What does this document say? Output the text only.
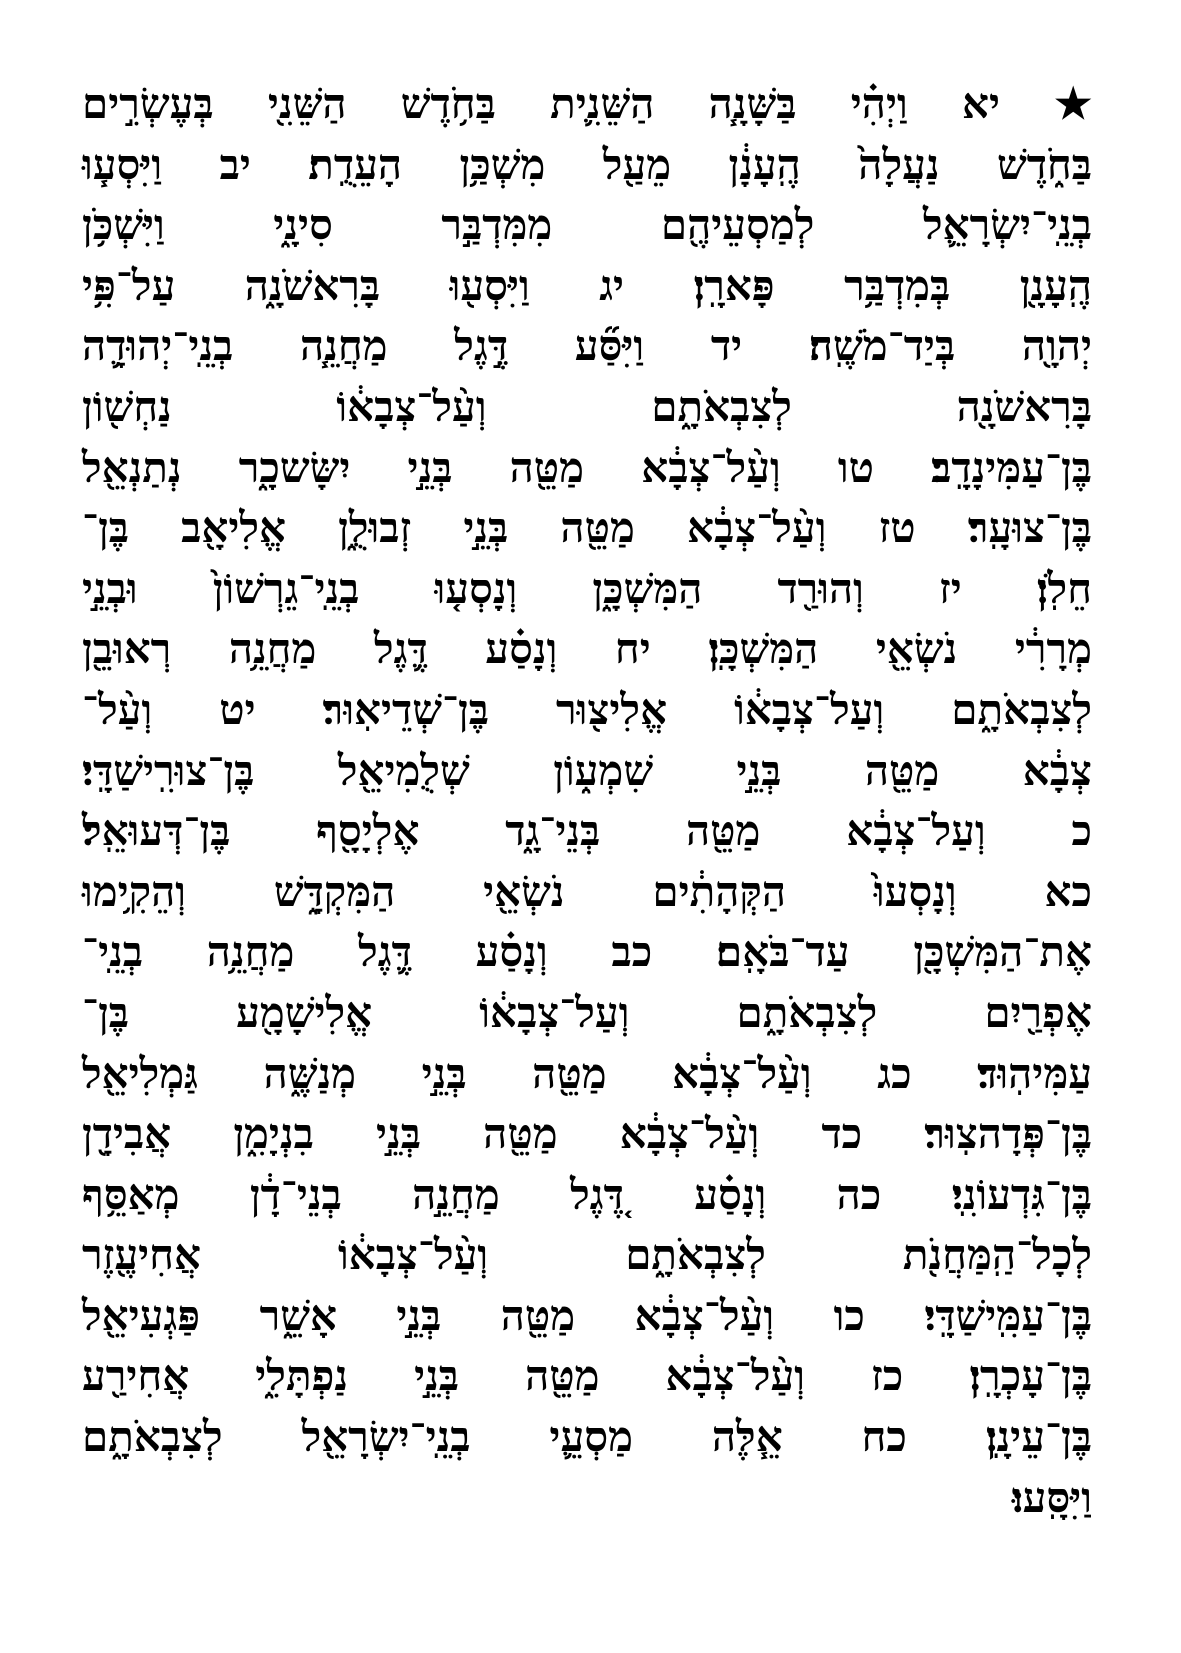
★ יא וַיְהִ֗י בַּשָּׁנָ֧ה הַשֵּׁנִ֛ית בַּחֹ֥דֶשׁ הַשֵּׁנִ֖י בְּעֶשְׂרִ֣ים
בַּחֹ֑דֶשׁ נַעֲלָה֙ הֶֽעָנָ֔ן מֵעַ֖ל מִשְׁכַּ֥ן הָעֵדֻֽת׃ יב וַיִּסְע֧וּ
בְנֵֽי־יִשְׂרָאֵ֛ל לְמַסְעֵיהֶ֖ם מִמִּדְבַּ֣ר סִינָ֑י וַיִּשְׁכֹּ֥ן
הֶֽעָנָ֖ן בְּמִדְבַּ֥ר פָּארָֽן׃ יג וַיִּסְע֖וּ בָּרִאשֹׁנָ֑ה עַל־פִּ֥י
יְהוָ֖ה בְּיַד־מֹשֶֽׁה׃ יד וַיִּסַּ֞ע דֶּ֣גֶל מַחֲנֵ֧ה בְנֵֽי־יְהוּדָ֛ה
בָּרִאשֹׁנָ֖ה לְצִבְאֹתָ֑ם וְעַ֨ל־צְבָא֔וֹ נַחְשׁ֖וֹן
בֶּן־עַמִּינָדָֽב׃ טו וְעַ֨ל־צְבָ֔א מַטֵּ֖ה בְּנֵ֣י יִשָּׂשכָ֑ר נְתַנְאֵ֖ל
בֶּן־צוּעָֽר׃ טז וְעַ֨ל־צְבָ֔א מַטֵּ֖ה בְּנֵ֣י זְבוּלֻ֑ן אֱלִיאָ֖ב בֶּן־
חֵלֹֽן׃ יז וְהוּרַ֖ד הַמִּשְׁכָּ֑ן וְנָסְע֤וּ בְנֵֽי־גֵרְשׁוֹן֙ וּבְנֵ֣י
מְרָרִ֔י נֹשְׂאֵ֖י הַמִּשְׁכָּֽן׃ יח וְנָסַ֗ע דֶּ֛גֶל מַחֲנֵ֥ה רְאוּבֵ֖ן
לְצִבְאֹתָ֑ם וְעַל־צְבָא֔וֹ אֱלִיצ֖וּר בֶּן־שְׁדֵיאֽוּר׃ יט וְעַ֨ל־
צְבָ֔א מַטֵּ֖ה בְּנֵ֣י שִׁמְע֑וֹן שְׁלֻמִיאֵ֖ל בֶּן־צוּרִֽישַׁדָּֽי׃
כ וְעַל־צְבָ֔א מַטֵּ֖ה בְּנֵי־גָ֑ד אֶלְיָסָ֖ף בֶּן־דְּעוּאֵֽל׃
כא וְנָסְעוּ֙ הַקְּהָתִ֔ים נֹשְׂאֵ֖י הַמִּקְדָּ֑שׁ וְהֵקִ֥ימוּ
אֶת־הַמִּשְׁכָּ֖ן עַד־בֹּאָֽם׃ כב וְנָסַ֗ע דֶּ֛גֶל מַחֲנֵ֥ה בְנֵֽי־
אֶפְרַ֖יִם לְצִבְאֹתָ֑ם וְעַל־צְבָא֔וֹ אֱלִישָׁמָ֖ע בֶּן־
עַמִּיהֽוּד׃ כג וְעַ֨ל־צְבָ֔א מַטֵּ֖ה בְּנֵ֣י מְנַשֶּׁ֑ה גַּמְלִיאֵ֖ל
בֶּן־פְּדָהצֽוּר׃ כד וְעַ֨ל־צְבָ֔א מַטֵּ֖ה בְּנֵ֣י בִנְיָמִ֑ן אֲבִידָ֖ן
בֶּן־גִּדְעוֹנִֽי׃ כה וְנָסַ֗ע דֶּ֚גֶל מַחֲנֵ֣ה בְנֵי־דָ֔ן מְאַסֵּ֥ף
לְכָל־הַֽמַּחֲנֹ֖ת לְצִבְאֹתָ֑ם וְעַ֨ל־צְבָא֔וֹ אֲחִיעֶ֖זֶר
בֶּן־עַמִּֽישַׁדָּֽי׃ כו וְעַ֨ל־צְבָ֔א מַטֵּ֖ה בְּנֵ֣י אָשֵׁ֑ר פַּגְעִיאֵ֖ל
בֶּן־עָכְרָֽן׃ כז וְעַ֨ל־צְבָ֔א מַטֵּ֖ה בְּנֵ֣י נַפְתָּלִ֑י אֲחִירַ֖ע
בֶּן־עֵינָֽן׃ כח אֵ֧לֶּה מַסְעֵ֛י בְנֵֽי־יִשְׂרָאֵ֖ל לְצִבְאֹתָ֑ם
וַיִּסָּֽעוּ׃
